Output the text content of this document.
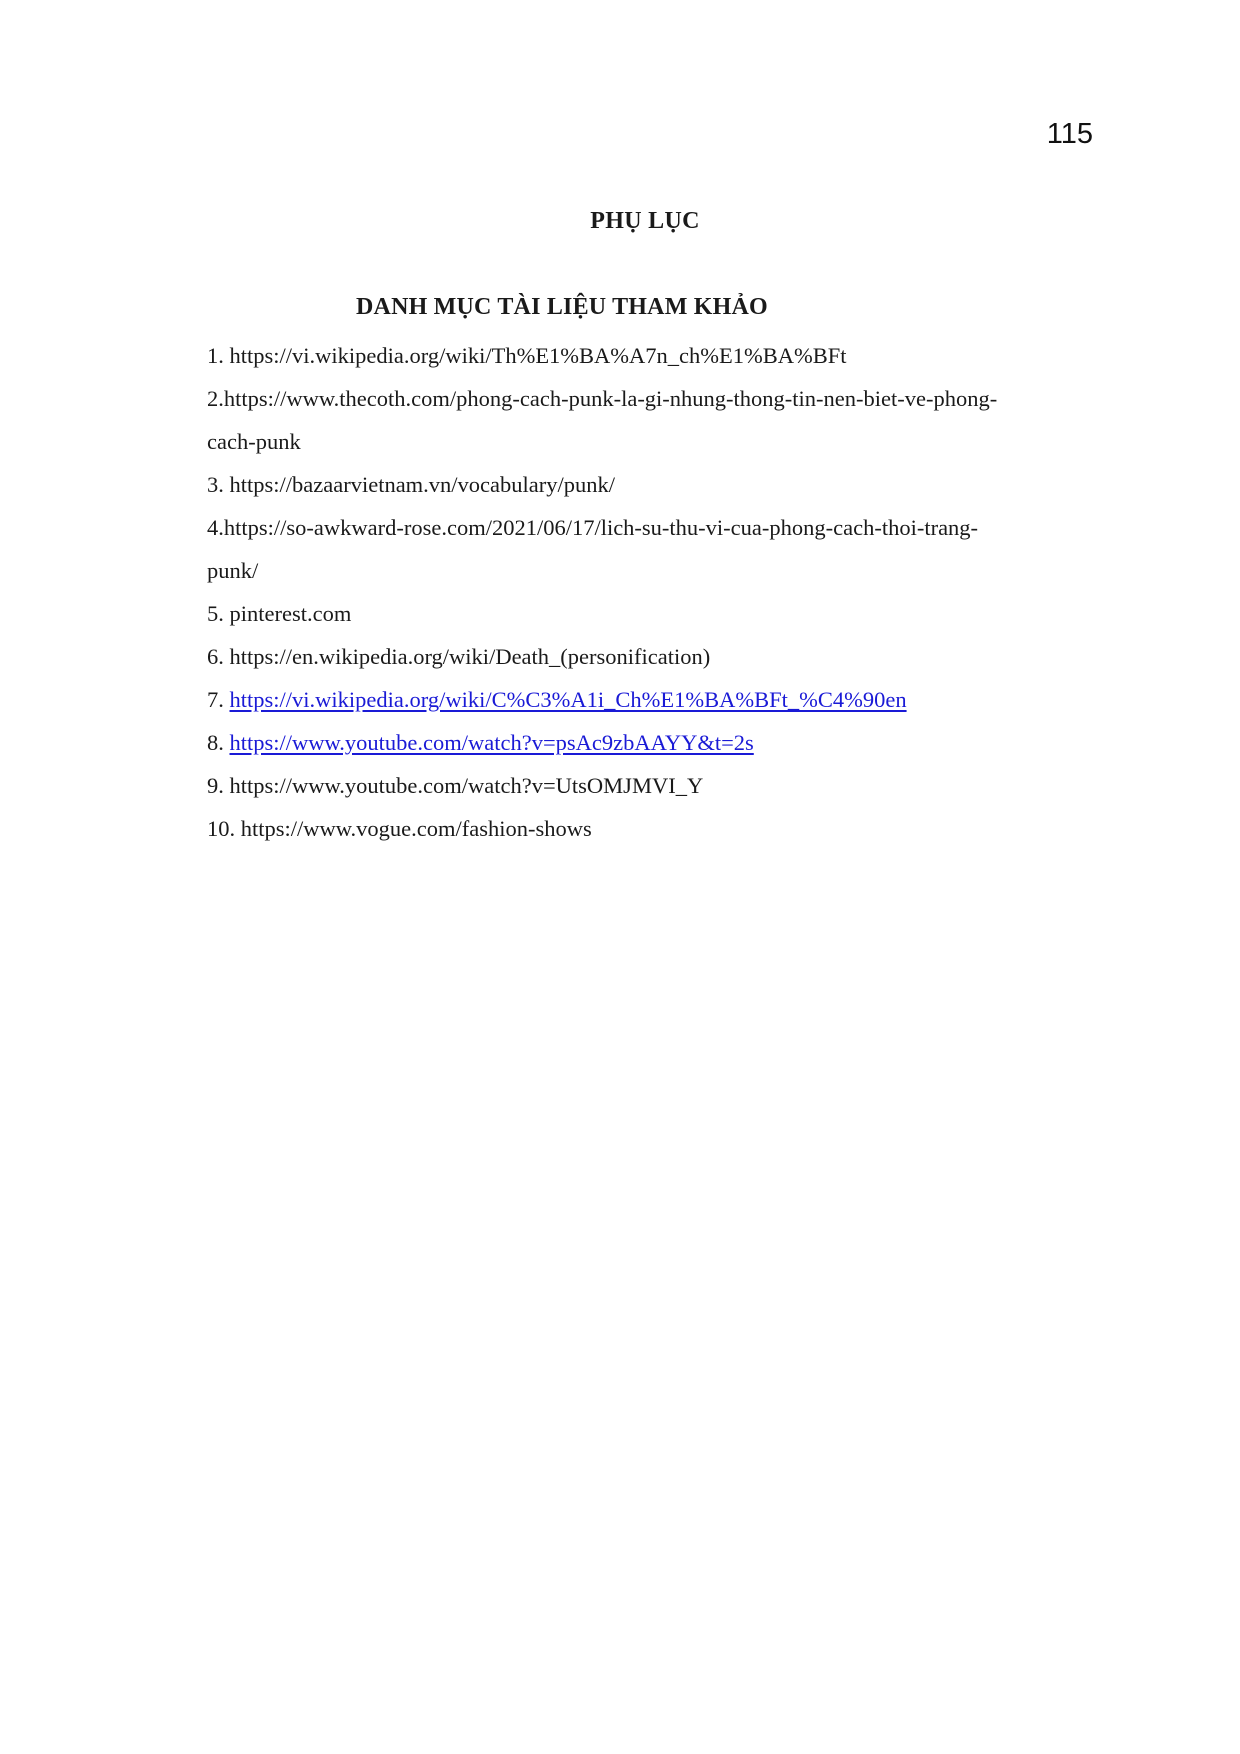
115
PHỤ LỤC
DANH MỤC TÀI LIỆU THAM KHẢO
1. https://vi.wikipedia.org/wiki/Th%E1%BA%A7n_ch%E1%BA%BFt
2.https://www.thecoth.com/phong-cach-punk-la-gi-nhung-thong-tin-nen-biet-ve-phong-
cach-punk
3. https://bazaarvietnam.vn/vocabulary/punk/
4.https://so-awkward-rose.com/2021/06/17/lich-su-thu-vi-cua-phong-cach-thoi-trang-
punk/
5. pinterest.com
6. https://en.wikipedia.org/wiki/Death_(personification)
7. https://vi.wikipedia.org/wiki/C%C3%A1i_Ch%E1%BA%BFt_%C4%90en
8. https://www.youtube.com/watch?v=psAc9zbAAYY&t=2s
9. https://www.youtube.com/watch?v=UtsOMJMVI_Y
10. https://www.vogue.com/fashion-shows
